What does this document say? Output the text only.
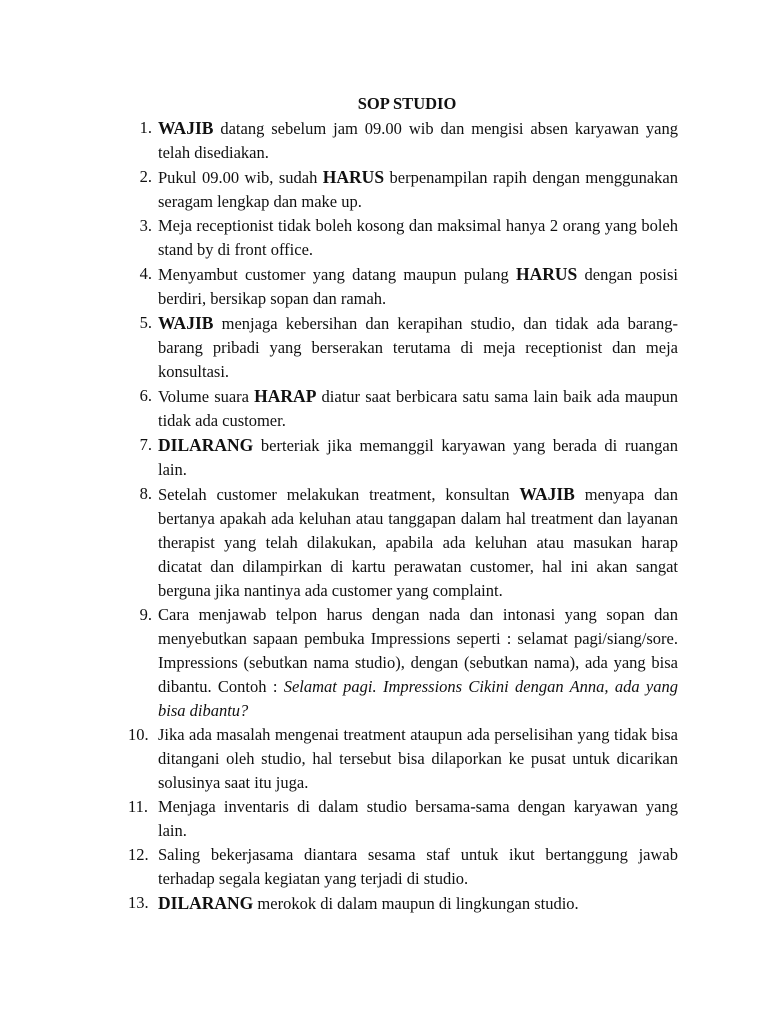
SOP STUDIO
1. WAJIB datang sebelum jam 09.00 wib dan mengisi absen karyawan yang telah disediakan.
2. Pukul 09.00 wib, sudah HARUS berpenampilan rapih dengan menggunakan seragam lengkap dan make up.
3. Meja receptionist tidak boleh kosong dan maksimal hanya 2 orang yang boleh stand by di front office.
4. Menyambut customer yang datang maupun pulang HARUS dengan posisi berdiri, bersikap sopan dan ramah.
5. WAJIB menjaga kebersihan dan kerapihan studio, dan tidak ada barang-barang pribadi yang berserakan terutama di meja receptionist dan meja konsultasi.
6. Volume suara HARAP diatur saat berbicara satu sama lain baik ada maupun tidak ada customer.
7. DILARANG berteriak jika memanggil karyawan yang berada di ruangan lain.
8. Setelah customer melakukan treatment, konsultan WAJIB menyapa dan bertanya apakah ada keluhan atau tanggapan dalam hal treatment dan layanan therapist yang telah dilakukan, apabila ada keluhan atau masukan harap dicatat dan dilampirkan di kartu perawatan customer, hal ini akan sangat berguna jika nantinya ada customer yang complaint.
9. Cara menjawab telpon harus dengan nada dan intonasi yang sopan dan menyebutkan sapaan pembuka Impressions seperti : selamat pagi/siang/sore. Impressions (sebutkan nama studio), dengan (sebutkan nama), ada yang bisa dibantu. Contoh : Selamat pagi. Impressions Cikini dengan Anna, ada yang bisa dibantu?
10. Jika ada masalah mengenai treatment ataupun ada perselisihan yang tidak bisa ditangani oleh studio, hal tersebut bisa dilaporkan ke pusat untuk dicarikan solusinya saat itu juga.
11. Menjaga inventaris di dalam studio bersama-sama dengan karyawan yang lain.
12. Saling bekerjasama diantara sesama staf untuk ikut bertanggung jawab terhadap segala kegiatan yang terjadi di studio.
13. DILARANG merokok di dalam maupun di lingkungan studio.
